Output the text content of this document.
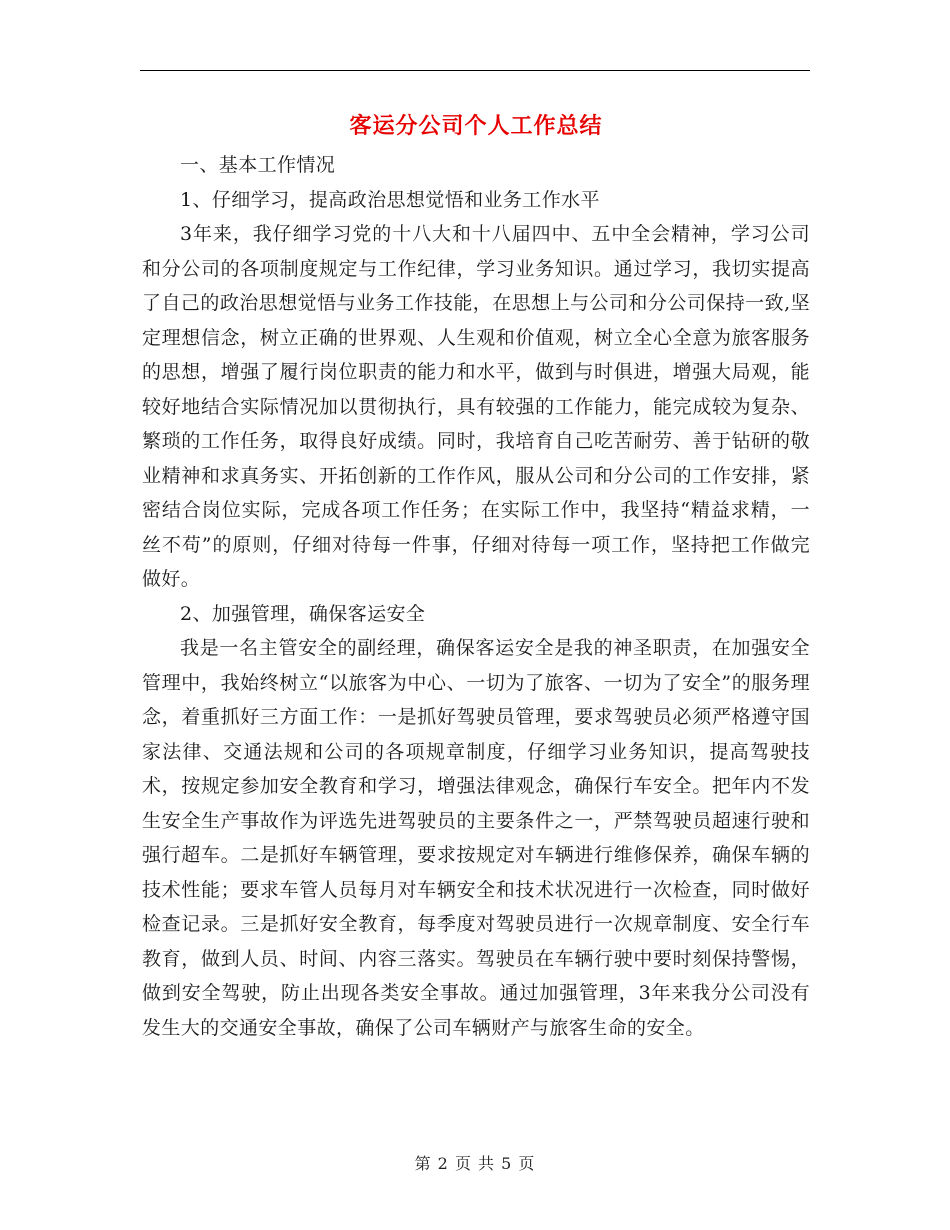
客运分公司个人工作总结

一、基本工作情况

1、仔细学习，提高政治思想觉悟和业务工作水平

3年来，我仔细学习党的十八大和十八届四中、五中全会精神，学习公司和分公司的各项制度规定与工作纪律，学习业务知识。通过学习，我切实提高了自己的政治思想觉悟与业务工作技能，在思想上与公司和分公司保持一致,坚定理想信念，树立正确的世界观、人生观和价值观，树立全心全意为旅客服务的思想，增强了履行岗位职责的能力和水平，做到与时俱进，增强大局观，能较好地结合实际情况加以贯彻执行，具有较强的工作能力，能完成较为复杂、繁琐的工作任务，取得良好成绩。同时，我培育自己吃苦耐劳、善于钻研的敬业精神和求真务实、开拓创新的工作作风，服从公司和分公司的工作安排，紧密结合岗位实际，完成各项工作任务；在实际工作中，我坚持“精益求精，一丝不苟”的原则，仔细对待每一件事，仔细对待每一项工作，坚持把工作做完做好。

2、加强管理，确保客运安全

我是一名主管安全的副经理，确保客运安全是我的神圣职责，在加强安全管理中，我始终树立“以旅客为中心、一切为了旅客、一切为了安全”的服务理念，着重抓好三方面工作：一是抓好驾驶员管理，要求驾驶员必须严格遵守国家法律、交通法规和公司的各项规章制度，仔细学习业务知识，提高驾驶技术，按规定参加安全教育和学习，增强法律观念，确保行车安全。把年内不发生安全生产事故作为评选先进驾驶员的主要条件之一，严禁驾驶员超速行驶和强行超车。二是抓好车辆管理，要求按规定对车辆进行维修保养，确保车辆的技术性能；要求车管人员每月对车辆安全和技术状况进行一次检查，同时做好检查记录。三是抓好安全教育，每季度对驾驶员进行一次规章制度、安全行车教育，做到人员、时间、内容三落实。驾驶员在车辆行驶中要时刻保持警惕，做到安全驾驶，防止出现各类安全事故。通过加强管理，3年来我分公司没有发生大的交通安全事故，确保了公司车辆财产与旅客生命的安全。

第 2 页 共 5 页
